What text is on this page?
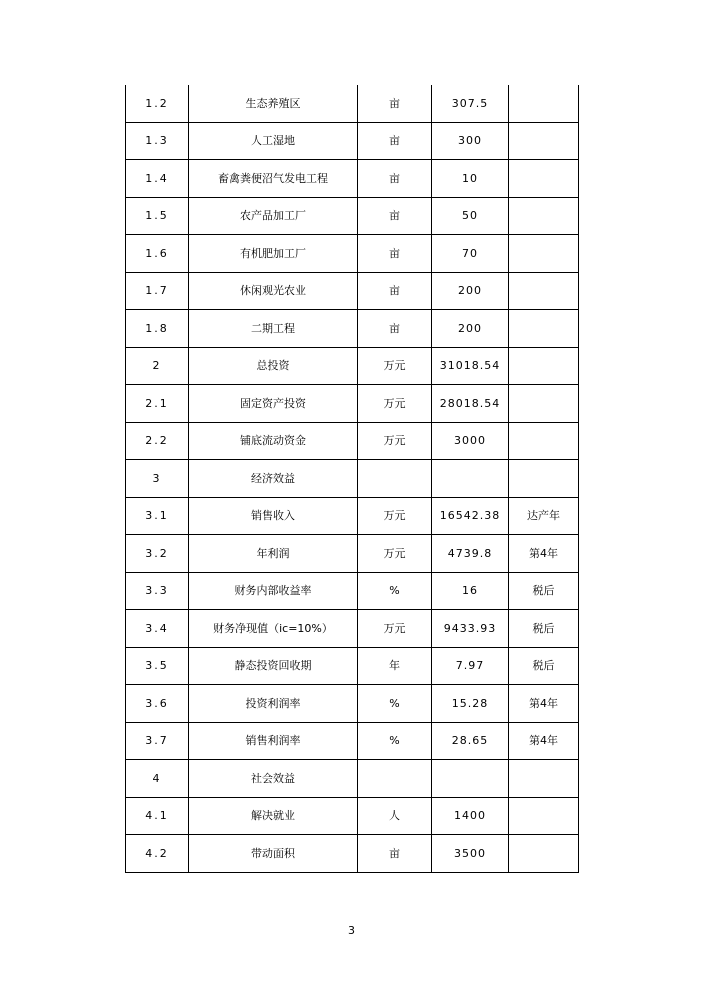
1.2	生态养殖区	亩	307.5	
1.3	人工湿地	亩	300	
1.4	畜禽粪便沼气发电工程	亩	10	
1.5	农产品加工厂	亩	50	
1.6	有机肥加工厂	亩	70	
1.7	休闲观光农业	亩	200	
1.8	二期工程	亩	200	
2	总投资	万元	31018.54	
2.1	固定资产投资	万元	28018.54	
2.2	铺底流动资金	万元	3000	
3	经济效益			
3.1	销售收入	万元	16542.38	达产年
3.2	年利润	万元	4739.8	第4年
3.3	财务内部收益率	%	16	税后
3.4	财务净现值（ic=10%）	万元	9433.93	税后
3.5	静态投资回收期	年	7.97	税后
3.6	投资利润率	%	15.28	第4年
3.7	销售利润率	%	28.65	第4年
4	社会效益			
4.1	解决就业	人	1400	
4.2	带动面积	亩	3500	
3
